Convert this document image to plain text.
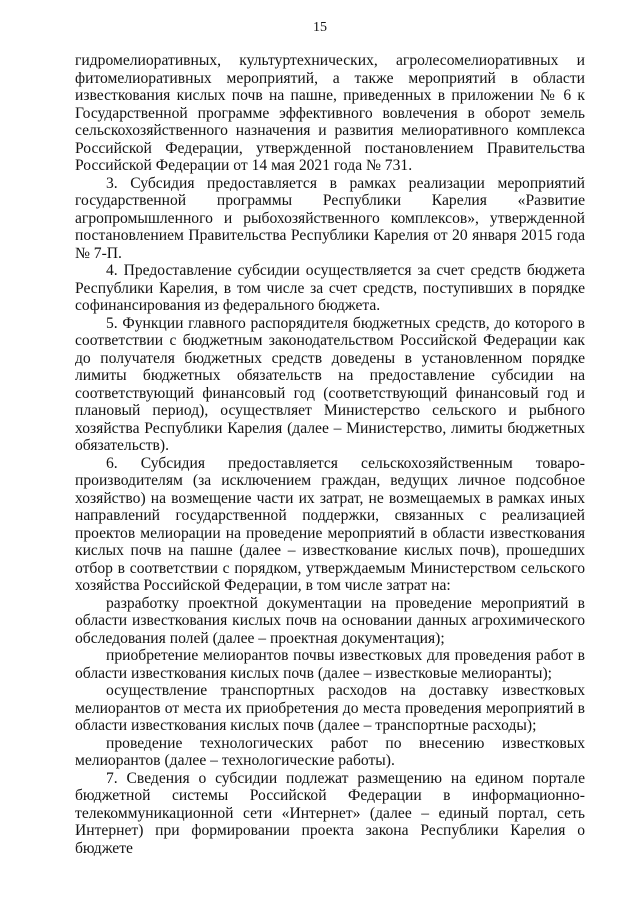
15

гидромелиоративных, культуртехнических, агролесомелиоративных и фитомелиоративных мероприятий, а также мероприятий в области известкования кислых почв на пашне, приведенных в приложении № 6 к Государственной программе эффективного вовлечения в оборот земель сельскохозяйственного назначения и развития мелиоративного комплекса Российской Федерации, утвержденной постановлением Правительства Российской Федерации от 14 мая 2021 года № 731.

3. Субсидия предоставляется в рамках реализации мероприятий государственной программы Республики Карелия «Развитие агропромышленного и рыбохозяйственного комплексов», утвержденной постановлением Правительства Республики Карелия от 20 января 2015 года № 7-П.

4. Предоставление субсидии осуществляется за счет средств бюджета Республики Карелия, в том числе за счет средств, поступивших в порядке софинансирования из федерального бюджета.

5. Функции главного распорядителя бюджетных средств, до которого в соответствии с бюджетным законодательством Российской Федерации как до получателя бюджетных средств доведены в установленном порядке лимиты бюджетных обязательств на предоставление субсидии на соответствующий финансовый год (соответствующий финансовый год и плановый период), осуществляет Министерство сельского и рыбного хозяйства Республики Карелия (далее – Министерство, лимиты бюджетных обязательств).

6. Субсидия предоставляется сельскохозяйственным товаро-производителям (за исключением граждан, ведущих личное подсобное хозяйство) на возмещение части их затрат, не возмещаемых в рамках иных направлений государственной поддержки, связанных с реализацией проектов мелиорации на проведение мероприятий в области известкования кислых почв на пашне (далее – известкование кислых почв), прошедших отбор в соответствии с порядком, утверждаемым Министерством сельского хозяйства Российской Федерации, в том числе затрат на:

разработку проектной документации на проведение мероприятий в области известкования кислых почв на основании данных агрохимического обследования полей (далее – проектная документация);

приобретение мелиорантов почвы известковых для проведения работ в области известкования кислых почв (далее – известковые мелиоранты);

осуществление транспортных расходов на доставку известковых мелиорантов от места их приобретения до места проведения мероприятий в области известкования кислых почв (далее – транспортные расходы);

проведение технологических работ по внесению известковых мелиорантов (далее – технологические работы).

7. Сведения о субсидии подлежат размещению на едином портале бюджетной системы Российской Федерации в информационно-телекоммуникационной сети «Интернет» (далее – единый портал, сеть Интернет) при формировании проекта закона Республики Карелия о бюджете
